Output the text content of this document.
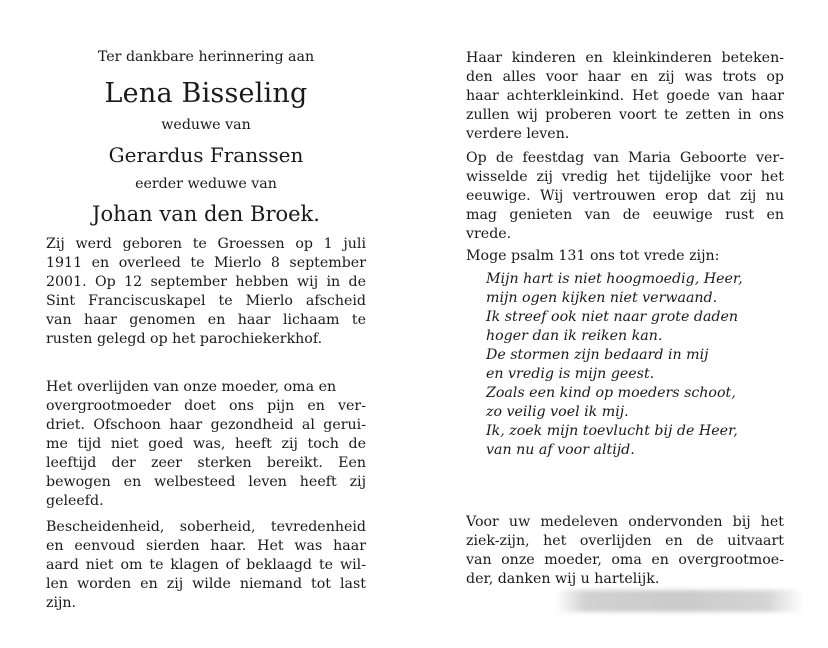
Ter dankbare herinnering aan

Lena Bisseling

weduwe van

Gerardus Franssen

eerder weduwe van

Johan van den Broek.

Zij werd geboren te Groessen op 1 juli

1911 en overleed te Mierlo 8 september

2001. Op 12 september hebben wij in de

Sint Franciscuskapel te Mierlo afscheid

van haar genomen en haar lichaam te

rusten gelegd op het parochiekerkhof.

Het overlijden van onze moeder, oma en

overgrootmoeder doet ons pijn en ver-

driet. Ofschoon haar gezondheid al gerui-

me tijd niet goed was, heeft zij toch de

leeftijd der zeer sterken bereikt. Een

bewogen en welbesteed leven heeft zij

geleefd.

Bescheidenheid, soberheid, tevredenheid

en eenvoud sierden haar. Het was haar

aard niet om te klagen of beklaagd te wil-

len worden en zij wilde niemand tot last

zijn.

Haar kinderen en kleinkinderen beteken-

den alles voor haar en zij was trots op

haar achterkleinkind. Het goede van haar

zullen wij proberen voort te zetten in ons

verdere leven.

Op de feestdag van Maria Geboorte ver-

wisselde zij vredig het tijdelijke voor het

eeuwige. Wij vertrouwen erop dat zij nu

mag genieten van de eeuwige rust en

vrede.

Moge psalm 131 ons tot vrede zijn:

Mijn hart is niet hoogmoedig, Heer,

mijn ogen kijken niet verwaand.

Ik streef ook niet naar grote daden

hoger dan ik reiken kan.

De stormen zijn bedaard in mij

en vredig is mijn geest.

Zoals een kind op moeders schoot,

zo veilig voel ik mij.

Ik, zoek mijn toevlucht bij de Heer,

van nu af voor altijd.

Voor uw medeleven ondervonden bij het

ziek-zijn, het overlijden en de uitvaart

van onze moeder, oma en overgrootmoe-

der, danken wij u hartelijk.
